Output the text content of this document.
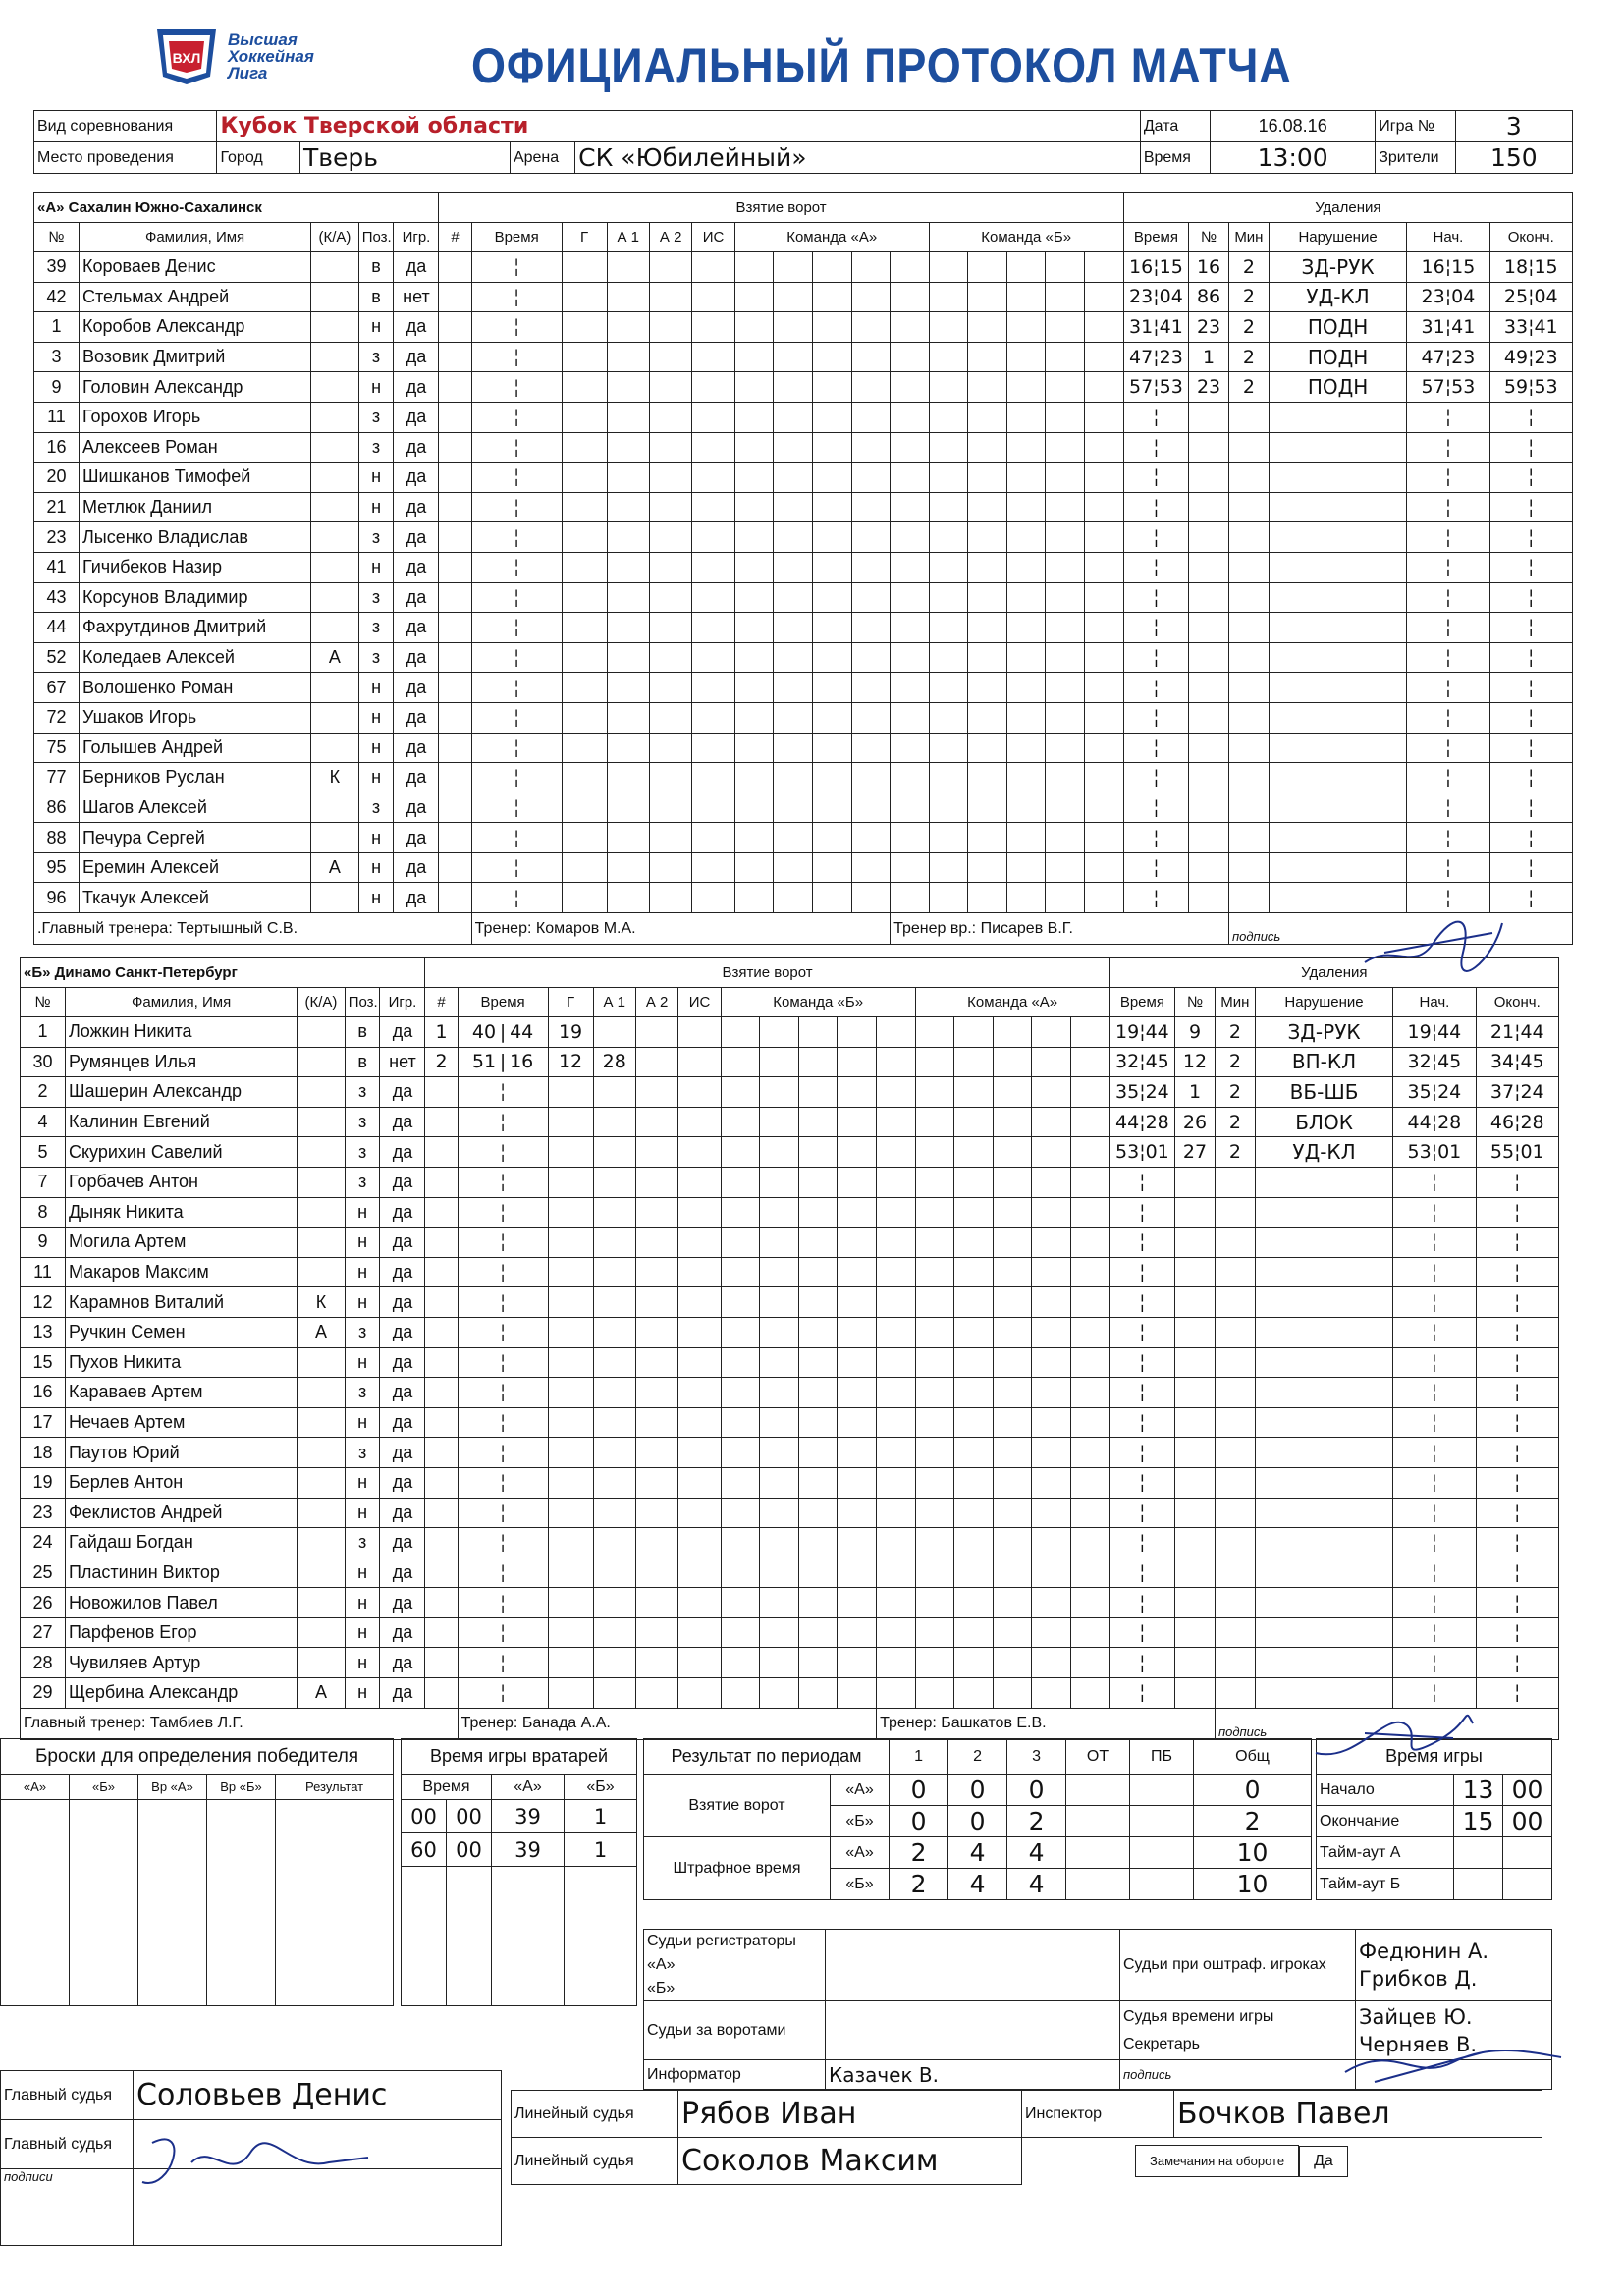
ВХЛ
Высшая
Хоккейная
Лига	ОФИЦИАЛЬНЫЙ ПРОТОКОЛ МАТЧА
Вид соревнования	Кубок Тверской области				Дата	16.08.16	Игра №	3
Место проведения	Город	Тверь	Арена	СК «Юбилейный»	Время	13:00	Зрители	150
«А» Сахалин Южно-Сахалинск					Взятие ворот																Удаления					
№	Фамилия, Имя	(К/А)	Поз.	Игр.	#	Время	Г	А 1	А 2	ИС	Команда «А»					Команда «Б»					Время	№	Мин	Нарушение	Нач.	Оконч.
39	Короваев Денис		в	да		¦															16¦15	16	2	ЗД-РУК	16¦15	18¦15
42	Стельмах Андрей		в	нет		¦															23¦04	86	2	УД-КЛ	23¦04	25¦04
1	Коробов Александр		н	да		¦															31¦41	23	2	ПОДН	31¦41	33¦41
3	Возовик Дмитрий		з	да		¦															47¦23	1	2	ПОДН	47¦23	49¦23
9	Головин Александр		н	да		¦															57¦53	23	2	ПОДН	57¦53	59¦53
11	Горохов Игорь		з	да		¦															¦				¦	¦
16	Алексеев Роман		з	да		¦															¦				¦	¦
20	Шишканов Тимофей		н	да		¦															¦				¦	¦
21	Метлюк Даниил		н	да		¦															¦				¦	¦
23	Лысенко Владислав		з	да		¦															¦				¦	¦
41	Гичибеков Назир		н	да		¦															¦				¦	¦
43	Корсунов Владимир		з	да		¦															¦				¦	¦
44	Фахрутдинов Дмитрий		з	да		¦															¦				¦	¦
52	Коледаев Алексей	А	з	да		¦															¦				¦	¦
67	Волошенко Роман		н	да		¦															¦				¦	¦
72	Ушаков Игорь		н	да		¦															¦				¦	¦
75	Голышев Андрей		н	да		¦															¦				¦	¦
77	Берников Руслан	К	н	да		¦															¦				¦	¦
86	Шагов Алексей		з	да		¦															¦				¦	¦
88	Печура Сергей		н	да		¦															¦				¦	¦
95	Еремин Алексей	А	н	да		¦															¦				¦	¦
96	Ткачук Алексей		н	да		¦															¦				¦	¦
.Главный тренера: Тертышный С.В.						Тренер: Комаров М.А.									Тренер вр.: Писарев В.Г.								подпись			
«Б» Динамо Санкт-Петербург					Взятие ворот																Удаления					
№	Фамилия, Имя	(К/А)	Поз.	Игр.	#	Время	Г	А 1	А 2	ИС	Команда «Б»					Команда «А»					Время	№	Мин	Нарушение	Нач.	Оконч.
1	Ложкин Никита		в	да	1	40 | 44	19														19¦44	9	2	ЗД-РУК	19¦44	21¦44
30	Румянцев Илья		в	нет	2	51 | 16	12	28													32¦45	12	2	ВП-КЛ	32¦45	34¦45
2	Шашерин Александр		з	да		¦															35¦24	1	2	ВБ-ШБ	35¦24	37¦24
4	Калинин Евгений		з	да		¦															44¦28	26	2	БЛОК	44¦28	46¦28
5	Скурихин Савелий		з	да		¦															53¦01	27	2	УД-КЛ	53¦01	55¦01
7	Горбачев Антон		з	да		¦															¦				¦	¦
8	Дыняк Никита		н	да		¦															¦				¦	¦
9	Могила Артем		н	да		¦															¦				¦	¦
11	Макаров Максим		н	да		¦															¦				¦	¦
12	Карамнов Виталий	К	н	да		¦															¦				¦	¦
13	Ручкин Семен	А	з	да		¦															¦				¦	¦
15	Пухов Никита		н	да		¦															¦				¦	¦
16	Караваев Артем		з	да		¦															¦				¦	¦
17	Нечаев Артем		н	да		¦															¦				¦	¦
18	Паутов Юрий		з	да		¦															¦				¦	¦
19	Берлев Антон		н	да		¦															¦				¦	¦
23	Феклистов Андрей		н	да		¦															¦				¦	¦
24	Гайдаш Богдан		з	да		¦															¦				¦	¦
25	Пластинин Виктор		н	да		¦															¦				¦	¦
26	Новожилов Павел		н	да		¦															¦				¦	¦
27	Парфенов Егор		н	да		¦															¦				¦	¦
28	Чувиляев Артур		н	да		¦															¦				¦	¦
29	Щербина Александр	А	н	да		¦															¦				¦	¦
Главный тренер: Тамбиев Л.Г.						Тренер: Банада А.А.									Тренер: Башкатов Е.В.								подпись			
Броски для определения победителя				
«А»	«Б»	Вр «А»	Вр «Б»	Результат

Время игры вратарей			
Время		«А»	«Б»
00	00	39	1
60	00	39	1

Результат по периодам		1	2	3	ОТ	ПБ	Общ
Взятие ворот	«А»	0	0	0			0
	«Б»	0	0	2			2
Штрафное время	«А»	2	4	4			10
	«Б»	2	4	4			10
Время игры		
Начало	13	00
Окончание	15	00
Тайм-аут А		
Тайм-аут Б		
Судьи регистраторы «А»
«Б»		Судьи при оштраф. игроках	Федюнин А.
Грибков Д.
Судьи за воротами		Судья времени игры
Секретарь	Зайцев Ю.
Черняев В.
Информатор	Казачек В.	подпись	
Главный судья	Соловьев Денис
Главный судья	
подписи	
Линейный судья	Рябов Иван	Инспектор	Бочков Павел
Линейный судья	Соколов Максим	Замечания на обороте Да	
